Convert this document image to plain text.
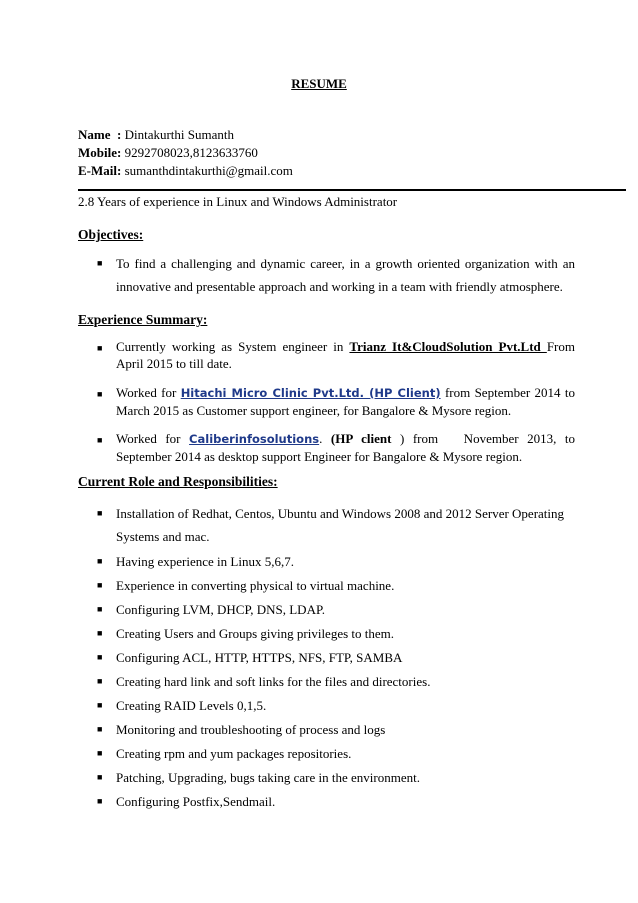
RESUME
Name  : Dintakurthi Sumanth
Mobile: 9292708023,8123633760
E-Mail: sumanthdintakurthi@gmail.com
2.8 Years of experience in Linux and Windows Administrator
Objectives:
■ To find a challenging and dynamic career, in a growth oriented organization with an innovative and presentable approach and working in a team with friendly atmosphere.
Experience Summary:
■ Currently working as System engineer in Trianz It&CloudSolution Pvt.Ltd From April 2015 to till date.
■ Worked for Hitachi Micro Clinic Pvt.Ltd. (HP Client) from September 2014 to March 2015 as Customer support engineer, for Bangalore & Mysore region.
■ Worked for Caliberinfosolutions. (HP client ) from   November 2013, to September 2014 as desktop support Engineer for Bangalore & Mysore region.
Current Role and Responsibilities:
■ Installation of Redhat, Centos, Ubuntu and Windows 2008 and 2012 Server Operating Systems and mac.
■ Having experience in Linux 5,6,7.
■ Experience in converting physical to virtual machine.
■ Configuring LVM, DHCP, DNS, LDAP.
■ Creating Users and Groups giving privileges to them.
■ Configuring ACL, HTTP, HTTPS, NFS, FTP, SAMBA
■ Creating hard link and soft links for the files and directories.
■ Creating RAID Levels 0,1,5.
■ Monitoring and troubleshooting of process and logs
■ Creating rpm and yum packages repositories.
■ Patching, Upgrading, bugs taking care in the environment.
■ Configuring Postfix,Sendmail.
